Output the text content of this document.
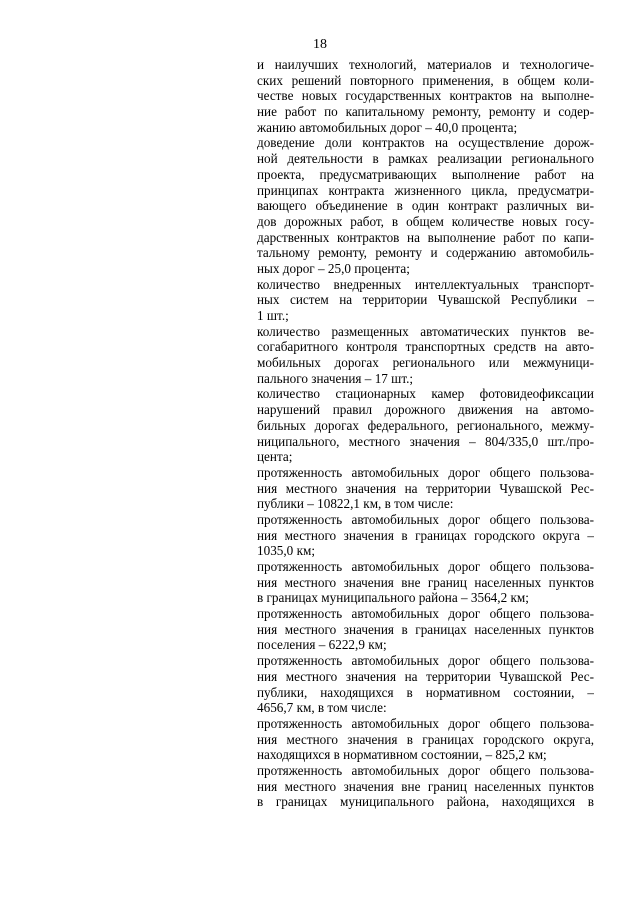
18
и наилучших технологий, материалов и технологиче-
ских решений повторного применения, в общем коли-
честве новых государственных контрактов на выполне-
ние работ по капитальному ремонту, ремонту и содер-
жанию автомобильных дорог – 40,0 процента;
доведение доли контрактов на осуществление дорож-
ной деятельности в рамках реализации регионального
проекта, предусматривающих выполнение работ на
принципах контракта жизненного цикла, предусматри-
вающего объединение в один контракт различных ви-
дов дорожных работ, в общем количестве новых госу-
дарственных контрактов на выполнение работ по капи-
тальному ремонту, ремонту и содержанию автомобиль-
ных дорог – 25,0 процента;
количество внедренных интеллектуальных транспорт-
ных систем на территории Чувашской Республики –
1 шт.;
количество размещенных автоматических пунктов ве-
согабаритного контроля транспортных средств на авто-
мобильных дорогах регионального или межмуници-
пального значения – 17 шт.;
количество стационарных камер фотовидеофиксации
нарушений правил дорожного движения на автомо-
бильных дорогах федерального, регионального, межму-
ниципального, местного значения – 804/335,0 шт./про-
цента;
протяженность автомобильных дорог общего пользова-
ния местного значения на территории Чувашской Рес-
публики – 10822,1 км, в том числе:
протяженность автомобильных дорог общего пользова-
ния местного значения в границах городского округа –
1035,0 км;
протяженность автомобильных дорог общего пользова-
ния местного значения вне границ населенных пунктов
в границах муниципального района – 3564,2 км;
протяженность автомобильных дорог общего пользова-
ния местного значения в границах населенных пунктов
поселения – 6222,9 км;
протяженность автомобильных дорог общего пользова-
ния местного значения на территории Чувашской Рес-
публики, находящихся в нормативном состоянии, –
4656,7 км, в том числе:
протяженность автомобильных дорог общего пользова-
ния местного значения в границах городского округа,
находящихся в нормативном состоянии, – 825,2 км;
протяженность автомобильных дорог общего пользова-
ния местного значения вне границ населенных пунктов
в границах муниципального района, находящихся в
